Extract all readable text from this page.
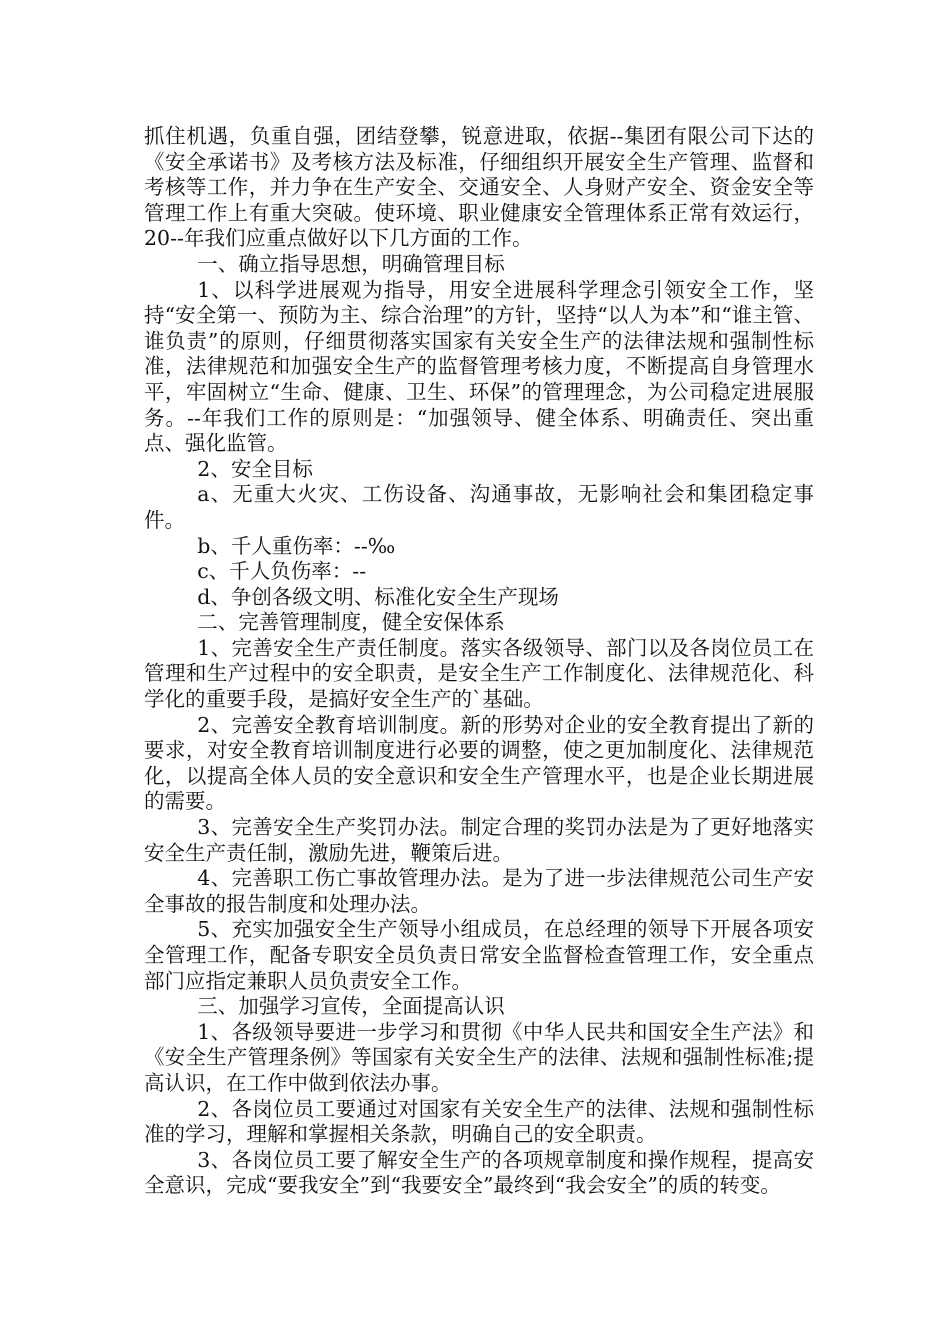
抓住机遇，负重自强，团结登攀，锐意进取，依据--集团有限公司下达的《安全承诺书》及考核方法及标准，仔细组织开展安全生产管理、监督和考核等工作，并力争在生产安全、交通安全、人身财产安全、资金安全等管理工作上有重大突破。使环境、职业健康安全管理体系正常有效运行，20--年我们应重点做好以下几方面的工作。

一、确立指导思想，明确管理目标

1、以科学进展观为指导，用安全进展科学理念引领安全工作，坚持“安全第一、预防为主、综合治理”的方针，坚持“以人为本”和“谁主管、谁负责”的原则，仔细贯彻落实国家有关安全生产的法律法规和强制性标准，法律规范和加强安全生产的监督管理考核力度，不断提高自身管理水平，牢固树立“生命、健康、卫生、环保”的管理理念，为公司稳定进展服务。--年我们工作的原则是：“加强领导、健全体系、明确责任、突出重点、强化监管。

2、安全目标

a、无重大火灾、工伤设备、沟通事故，无影响社会和集团稳定事件。

b、千人重伤率：--‰

c、千人负伤率：--

d、争创各级文明、标准化安全生产现场

二、完善管理制度，健全安保体系

1、完善安全生产责任制度。落实各级领导、部门以及各岗位员工在管理和生产过程中的安全职责，是安全生产工作制度化、法律规范化、科学化的重要手段，是搞好安全生产的`基础。

2、完善安全教育培训制度。新的形势对企业的安全教育提出了新的要求，对安全教育培训制度进行必要的调整，使之更加制度化、法律规范化，以提高全体人员的安全意识和安全生产管理水平，也是企业长期进展的需要。

3、完善安全生产奖罚办法。制定合理的奖罚办法是为了更好地落实安全生产责任制，激励先进，鞭策后进。

4、完善职工伤亡事故管理办法。是为了进一步法律规范公司生产安全事故的报告制度和处理办法。

5、充实加强安全生产领导小组成员，在总经理的领导下开展各项安全管理工作，配备专职安全员负责日常安全监督检查管理工作，安全重点部门应指定兼职人员负责安全工作。

三、加强学习宣传，全面提高认识

1、各级领导要进一步学习和贯彻《中华人民共和国安全生产法》和《安全生产管理条例》等国家有关安全生产的法律、法规和强制性标准;提高认识，在工作中做到依法办事。

2、各岗位员工要通过对国家有关安全生产的法律、法规和强制性标准的学习，理解和掌握相关条款，明确自己的安全职责。

3、各岗位员工要了解安全生产的各项规章制度和操作规程，提高安全意识，完成“要我安全”到“我要安全”最终到“我会安全”的质的转变。
